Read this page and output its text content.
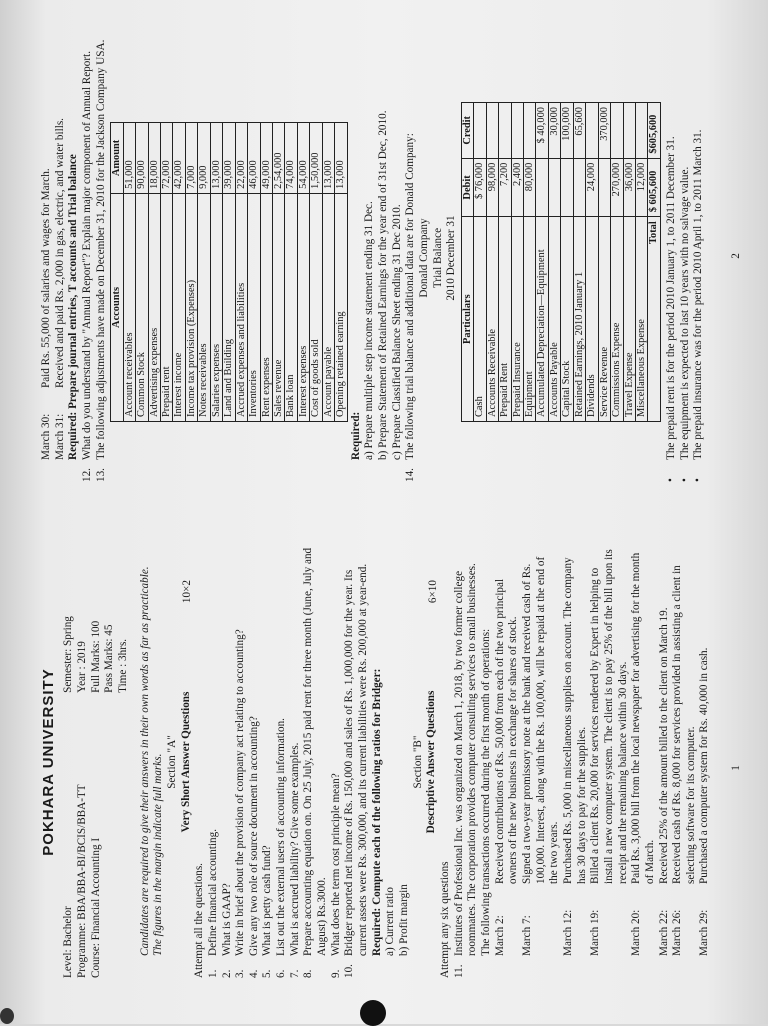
POKHARA UNIVERSITY
Level: Bachelor Programme: BBA/BBA-BI/BCIS/BBA-TT Course: Financial Accounting I
Semester: Spring Year : 2019 Full Marks: 100 Pass Marks: 45 Time : 3hrs. Candidates are required to give their answers in their own words as far as practicable. The figures in the margin indicate full marks. Section "A" Very Short Answer Questions
Attempt all the questions.
10×2
1.
Define financial accounting.
2.
What is GAAP?
3.
Write in brief about the provision of company act relating to accounting?
4.
Give any two role of source document in accounting?
5.
What is petty cash fund?
6.
List out the external users of accounting information.
7.
What is accrued liability? Give some examples.
8.
Prepare accounting equation on. On 25 July, 2015 paid rent for three month (June, July and August) Rs.3000.
9.
What does the term cost principle mean?
10.
Bridger reported net income of Rs. 150,000 and sales of Rs. 1,000,000 for the year. Its current assets were Rs. 300,000, and its current liabilities were Rs. 200,000 at year-end. Required: Compute each of the following ratios for Bridger: a) Current ratio b) Profit margin
Section "B" Descriptive Answer Questions
Attempt any six questions
6×10
11.
Institutes of Professional Inc. was organized on March 1, 2018, by two former college roommates. The corporation provides computer consulting services to small businesses. The following transactions occurred during the first month of operations: March 2:
Received contributions of Rs. 50,000 from each of the two principal owners of the new business in exchange for shares of stock.
March 7:
Signed a two-year promissory note at the bank and received cash of Rs. 100,000. Interest, along with the Rs. 100,000, will be repaid at the end of the two years.
March 12:
Purchased Rs. 5,000 in miscellaneous supplies on account. The company has 30 days to pay for the supplies.
March 19:
Billed a client Rs. 20,000 for services rendered by Expert in helping to install a new computer system. The client is to pay 25% of the bill upon its receipt and the remaining balance within 30 days.
March 20:
Paid Rs. 3,000 bill from the local newspaper for advertising for the month of March.
March 22:
Received 25% of the amount billed to the client on March 19.
March 26:
Received cash of Rs. 8,000 for services provided in assisting a client in selecting software for its computer.
March 29:
Purchased a computer system for Rs. 40,000 in cash. 1
March 30:
Paid Rs. 55,000 of salaries and wages for March.
March 31:
Received and paid Rs. 2,000 in gas, electric, and water bills. Required: Prepare journal entries, T accounts and Trial balance
12.
What do you understand by "Annual Report"? Explain major component of Annual Report.
13.
The following adjustments have made on December 31, 2010 for the Jackson Company USA. Accounts	Amount
Account receivables	51,000
Common Stock	90,000
Advertising expenses	18,000
Prepaid rent	72,000
Interest income	42,000
Income tax provision (Expenses)	7,000
Notes receivables	9,000
Salaries expenses	13,000
Land and Building	39,000
Accrued expenses and liabilities	22,000
Inventories	46,000
Rent expenses	49,000
Sales revenue	2,54,000
Bank loan	74,000
Interest expenses	54,000
Cost of goods sold	1,50,000
Account payable	13,000
Opening retained earning	13,000
Required: a) Prepare multiple step income statement ending 31 Dec. b) Prepare Statement of Retained Earnings for the year end of 31st Dec, 2010. c) Prepare Classified Balance Sheet ending 31 Dec 2010.
14.
The following trial balance and additional data are for Donald Company: Donald Company Trial Balance 2010 December 31
Particulars	Debit	Credit
Cash	$ 76,000	
Accounts Receivable	98,000	
Prepaid Rent	7,200	
Prepaid Insurance	2,400	
Equipment	80,000	
Accumulated Depreciation—Equipment		$ 40,000
Accounts Payable		30,000
Capital Stock		100,000
Retained Earnings, 2010 January 1		65,600
Dividends	24,000	
Service Revenue		370,000
Commissions Expense	270,000	
Travel Expense	36,000	
Miscellaneous Expense	12,000	
Total	$ 605,600	$605,600
•
The prepaid rent is for the period 2010 January 1, to 2011 December 31.
•
The equipment is expected to last 10 years with no salvage value.
•
The prepaid insurance was for the period 2010 April 1, to 2011 March 31. 2
